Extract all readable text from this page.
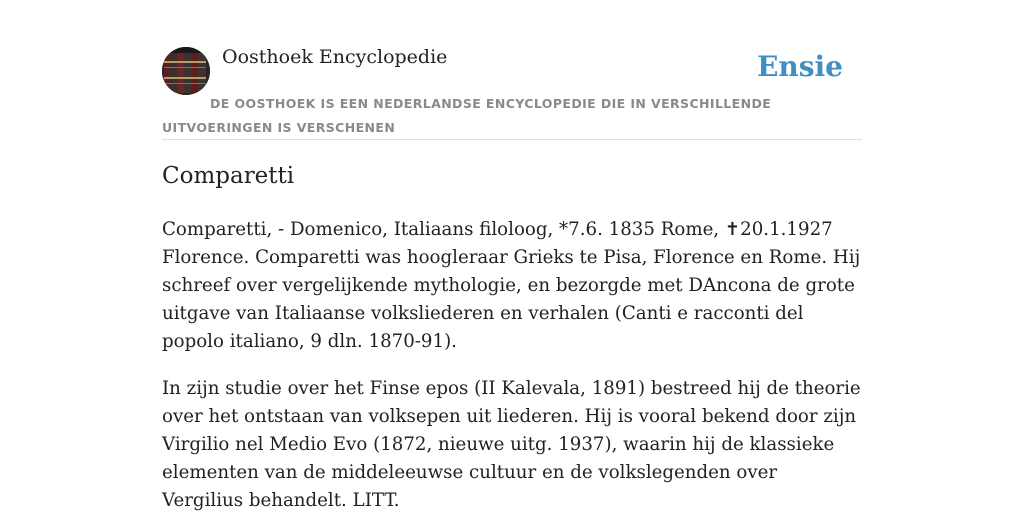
Oosthoek Encyclopedie	Ensie
DE OOSTHOEK IS EEN NEDERLANDSE ENCYCLOPEDIE DIE IN VERSCHILLENDE UITVOERINGEN IS VERSCHENEN
Comparetti

Comparetti, - Domenico, Italiaans filoloog, *7.6. 1835 Rome, ✝20.1.1927 Florence. Comparetti was hoogleraar Grieks te Pisa, Florence en Rome. Hij schreef over vergelijkende mythologie, en bezorgde met DAncona de grote uitgave van Italiaanse volksliederen en verhalen (Canti e racconti del popolo italiano, 9 dln. 1870-91).

In zijn studie over het Finse epos (II Kalevala, 1891) bestreed hij de theorie over het ontstaan van volksepen uit liederen. Hij is vooral bekend door zijn Virgilio nel Medio Evo (1872, nieuwe uitg. 1937), waarin hij de klassieke elementen van de middeleeuwse cultuur en de volkslegenden over Vergilius behandelt. LITT.
